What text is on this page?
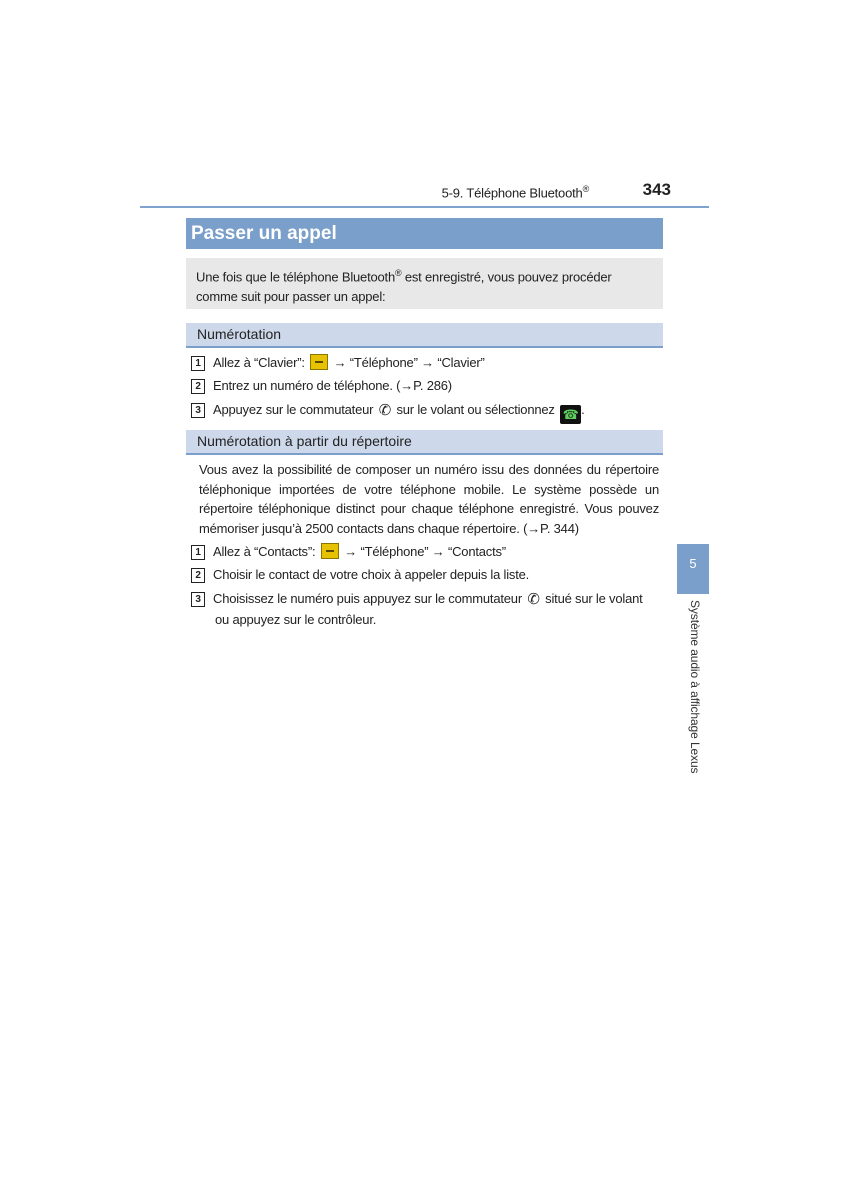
5-9. Téléphone Bluetooth®	343
Passer un appel
Une fois que le téléphone Bluetooth® est enregistré, vous pouvez procéder comme suit pour passer un appel:
Numérotation
1 Allez à “Clavier”:  → “Téléphone” → “Clavier”
2 Entrez un numéro de téléphone. (→P. 286)
3 Appuyez sur le commutateur ✆ sur le volant ou sélectionnez ☎ .
Numérotation à partir du répertoire
Vous avez la possibilité de composer un numéro issu des données du répertoire téléphonique importées de votre téléphone mobile. Le système possède un répertoire téléphonique distinct pour chaque téléphone enregistré. Vous pouvez mémoriser jusqu’à 2500 contacts dans chaque répertoire. (→P. 344)
1 Allez à “Contacts”:  → “Téléphone” → “Contacts”
2 Choisir le contact de votre choix à appeler depuis la liste.
3 Choisissez le numéro puis appuyez sur le commutateur ✆ situé sur le volant
ou appuyez sur le contrôleur.
5
Système audio à affichage Lexus
